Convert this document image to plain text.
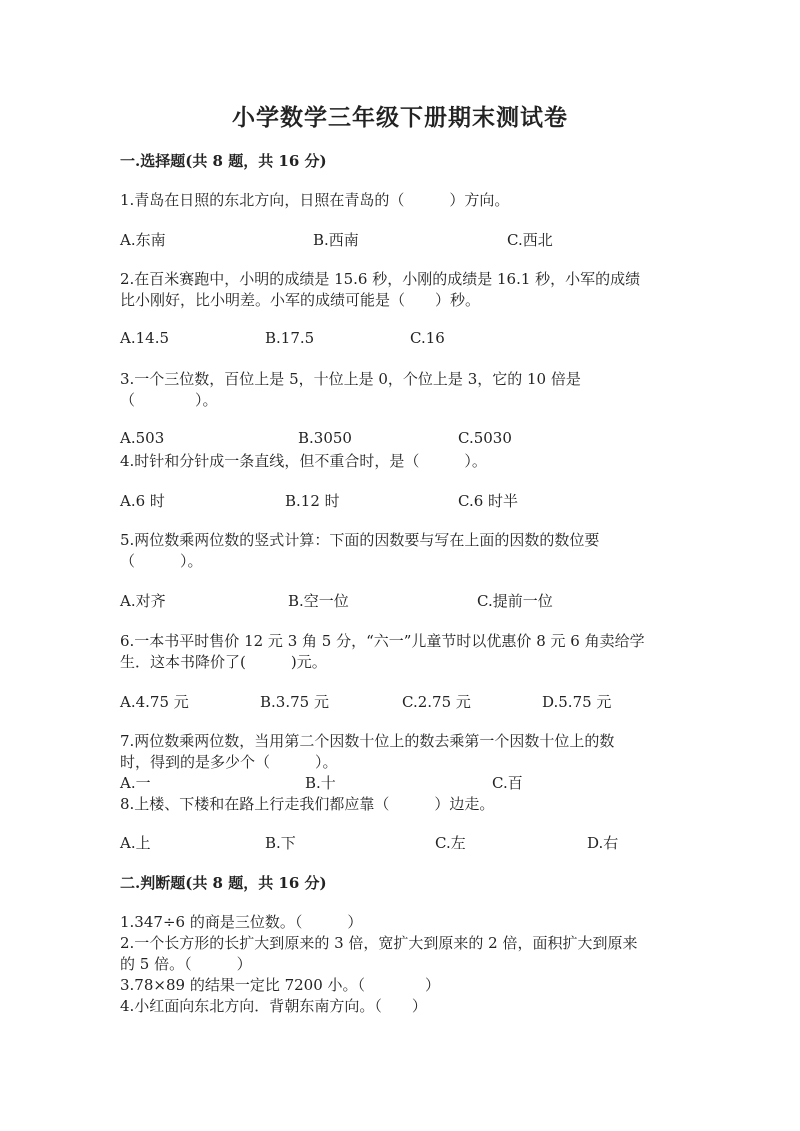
小学数学三年级下册期末测试卷
一.选择题(共 8 题，共 16 分)
1.青岛在日照的东北方向，日照在青岛的（　　　）方向。
A.东南	B.西南	C.西北
2.在百米赛跑中，小明的成绩是 15.6 秒，小刚的成绩是 16.1 秒，小军的成绩
比小刚好，比小明差。小军的成绩可能是（　　）秒。
A.14.5	B.17.5	C.16
3.一个三位数，百位上是 5，十位上是 0，个位上是 3，它的 10 倍是
（　　　　）。
A.503	B.3050	C.5030
4.时针和分针成一条直线，但不重合时，是（　　　）。
A.6 时	B.12 时	C.6 时半
5.两位数乘两位数的竖式计算：下面的因数要与写在上面的因数的数位要
（　　　）。
A.对齐	B.空一位	C.提前一位
6.一本书平时售价 12 元 3 角 5 分，“六一”儿童节时以优惠价 8 元 6 角卖给学
生．这本书降价了(　　　)元。
A.4.75 元	B.3.75 元	C.2.75 元	D.5.75 元
7.两位数乘两位数，当用第二个因数十位上的数去乘第一个因数十位上的数
时，得到的是多少个（　　　）。
A.一	B.十	C.百
8.上楼、下楼和在路上行走我们都应靠（　　　）边走。
A.上	B.下	C.左	D.右
二.判断题(共 8 题，共 16 分)
1.347÷6 的商是三位数。（　　　）
2.一个长方形的长扩大到原来的 3 倍，宽扩大到原来的 2 倍，面积扩大到原来
的 5 倍。（　　　）
3.78×89 的结果一定比 7200 小。（　　　　）
4.小红面向东北方向．背朝东南方向。（　　）
